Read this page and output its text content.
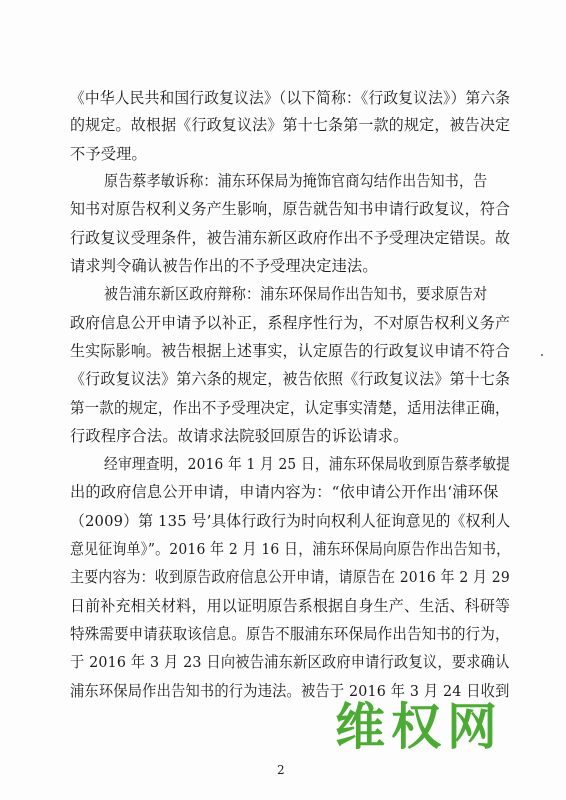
《中华人民共和国行政复议法》（以下简称：《行政复议法》）第六条
的规定。故根据《行政复议法》第十七条第一款的规定，被告决定
不予受理。
原告蔡孝敏诉称：浦东环保局为掩饰官商勾结作出告知书，告
知书对原告权利义务产生影响，原告就告知书申请行政复议，符合
行政复议受理条件，被告浦东新区政府作出不予受理决定错误。故
请求判令确认被告作出的不予受理决定违法。
被告浦东新区政府辩称：浦东环保局作出告知书，要求原告对
政府信息公开申请予以补正，系程序性行为，不对原告权利义务产
生实际影响。被告根据上述事实，认定原告的行政复议申请不符合
《行政复议法》第六条的规定，被告依照《行政复议法》第十七条
第一款的规定，作出不予受理决定，认定事实清楚，适用法律正确，
行政程序合法。故请求法院驳回原告的诉讼请求。
经审理查明，2016 年 1 月 25 日，浦东环保局收到原告蔡孝敏提
出的政府信息公开申请，申请内容为：“依申请公开作出‘浦环保
（2009）第 135 号’具体行政行为时向权利人征询意见的《权利人
意见征询单》”。2016 年 2 月 16 日，浦东环保局向原告作出告知书，
主要内容为：收到原告政府信息公开申请，请原告在 2016 年 2 月 29
日前补充相关材料，用以证明原告系根据自身生产、生活、科研等
特殊需要申请获取该信息。原告不服浦东环保局作出告知书的行为，
于 2016 年 3 月 23 日向被告浦东新区政府申请行政复议，要求确认
浦东环保局作出告知书的行为违法。被告于 2016 年 3 月 24 日收到
维权网
2
